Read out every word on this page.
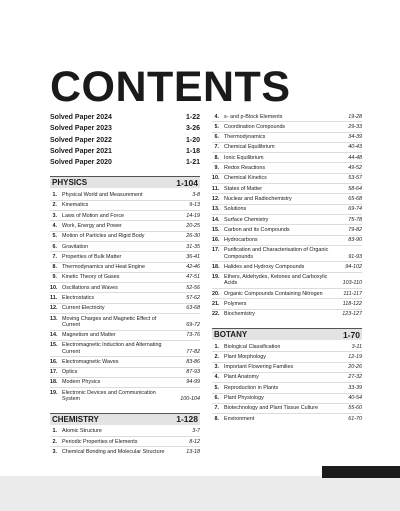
CONTENTS
Solved Paper 2024	1-22
Solved Paper 2023	3-26
Solved Paper 2022	1-20
Solved Paper 2021	1-18
Solved Paper 2020	1-21
PHYSICS	1-104
1. Physical World and Measurement	3-8
2. Kinematics	9-13
3. Laws of Motion and Force	14-19
4. Work, Energy and Power	20-25
5. Motion of Particles and Rigid Body	26-30
6. Gravitation	31-35
7. Properties of Bulk Matter	36-41
8. Thermodynamics and Heat Engine	42-46
9. Kinetic Theory of Gases	47-51
10. Oscillations and Waves	52-56
11. Electrostatics	57-62
12. Current Electricity	63-68
13. Moving Charges and Magnetic Effect of Current	69-72
14. Magnetism and Matter	73-76
15. Electromagnetic Induction and Alternating Current	77-82
16. Electromagnetic Waves	83-86
17. Optics	87-93
18. Modern Physics	94-99
19. Electronic Devices and Communication System	100-104
CHEMISTRY	1-128
1. Atomic Structure	3-7
2. Periodic Properties of Elements	8-12
3. Chemical Bonding and Molecular Structure	13-18
4. s- and p-Block Elements	19-28
5. Coordination Compounds	29-33
6. Thermodynamics	34-39
7. Chemical Equilibrium	40-43
8. Ionic Equilibrium	44-48
9. Redox Reactions	49-52
10. Chemical Kinetics	53-57
11. States of Matter	58-64
12. Nuclear and Radiochemistry	65-68
13. Solutions	69-74
14. Surface Chemistry	75-78
15. Carbon and its Compounds	79-82
16. Hydrocarbons	83-90
17. Purification and Characterisation of Organic Compounds	91-93
18. Halides and Hydroxy Compounds	94-102
19. Ethers, Aldehydes, Ketones and Carboxylic Acids	103-110
20. Organic Compounds Containing Nitrogen	111-117
21. Polymers	118-122
22. Biochemistry	123-127
BOTANY	1-70
1. Biological Classification	3-11
2. Plant Morphology	12-19
3. Important Flowering Families	20-26
4. Plant Anatomy	27-32
5. Reproduction in Plants	33-39
6. Plant Physiology	40-54
7. Biotechnology and Plant Tissue Culture	55-60
8. Environment	61-70
